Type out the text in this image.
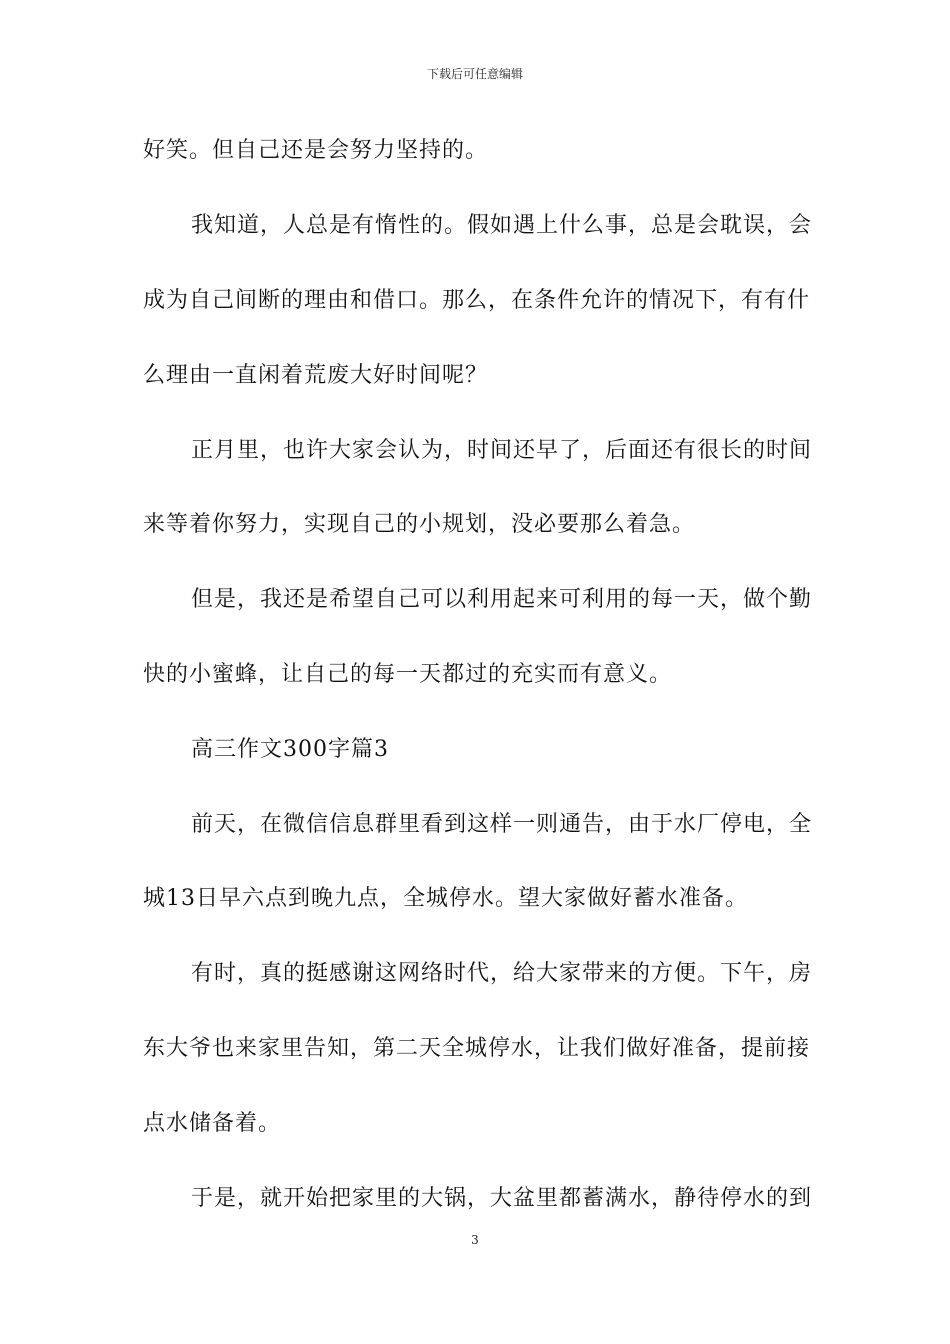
下载后可任意编辑
好笑。但自己还是会努力坚持的。
我知道，人总是有惰性的。假如遇上什么事，总是会耽误，会
成为自己间断的理由和借口。那么，在条件允许的情况下，有有什
么理由一直闲着荒废大好时间呢？
正月里，也许大家会认为，时间还早了，后面还有很长的时间
来等着你努力，实现自己的小规划，没必要那么着急。
但是，我还是希望自己可以利用起来可利用的每一天，做个勤
快的小蜜蜂，让自己的每一天都过的充实而有意义。
高三作文300字篇3
前天，在微信信息群里看到这样一则通告，由于水厂停电，全
城13日早六点到晚九点，全城停水。望大家做好蓄水准备。
有时，真的挺感谢这网络时代，给大家带来的方便。下午，房
东大爷也来家里告知，第二天全城停水，让我们做好准备，提前接
点水储备着。
于是，就开始把家里的大锅，大盆里都蓄满水，静待停水的到
3
